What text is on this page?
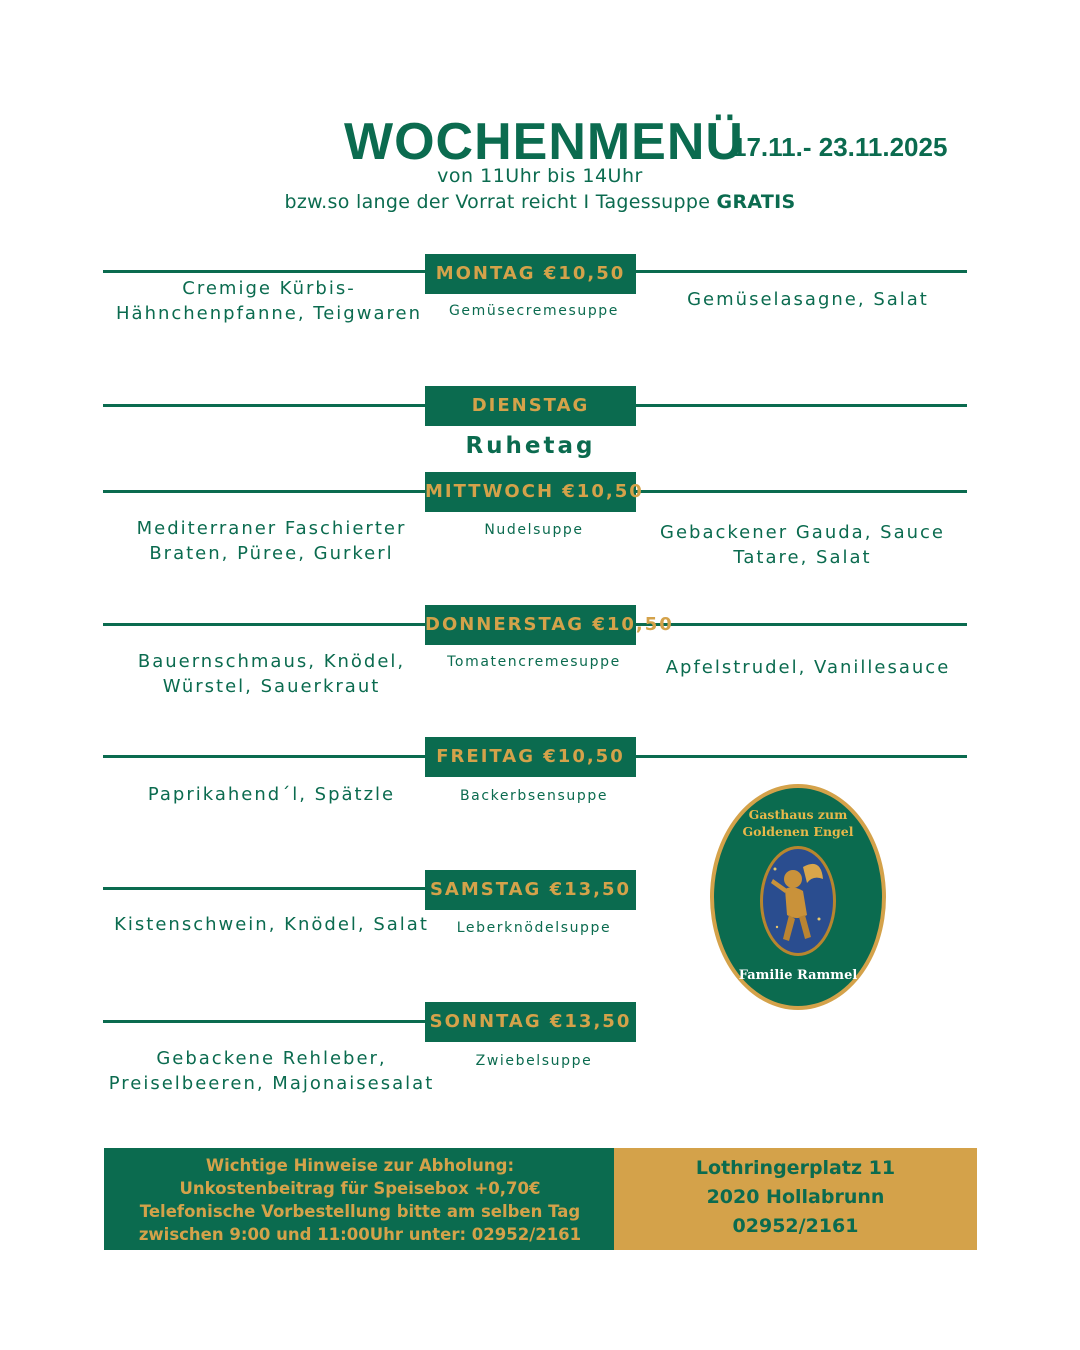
WOCHENMENÜ
17.11.- 23.11.2025
von 11Uhr bis 14Uhr
bzw.so lange der Vorrat reicht I Tagessuppe GRATIS
MONTAG €10,50
Cremige Kürbis-Hähnchenpfanne, Teigwaren	Gemüsecremesuppe
Gemüselasagne, Salat
DIENSTAG
Ruhetag
MITTWOCH €10,50
Mediterraner Faschierter Braten, Püree, Gurkerl
Nudelsuppe	Gebackener Gauda, Sauce Tatare, Salat
DONNERSTAG €10,50
Bauernschmaus, Knödel, Würstel, Sauerkraut
Tomatencremesuppe	Apfelstrudel, Vanillesauce
FREITAG €10,50
Paprikahend´l, Spätzle	Backerbsensuppe
SAMSTAG €13,50
Kistenschwein, Knödel, Salat	Leberknödelsuppe
SONNTAG €13,50
Gebackene Rehleber, Preiselbeeren, Majonaisesalat
Zwiebelsuppe
Gasthaus zum
Goldenen Engel
Familie Rammel
Wichtige Hinweise zur Abholung:
Unkostenbeitrag für Speisebox +0,70€
Telefonische Vorbestellung bitte am selben Tag
zwischen 9:00 und 11:00Uhr unter: 02952/2161
Lothringerplatz 11
2020 Hollabrunn
02952/2161
